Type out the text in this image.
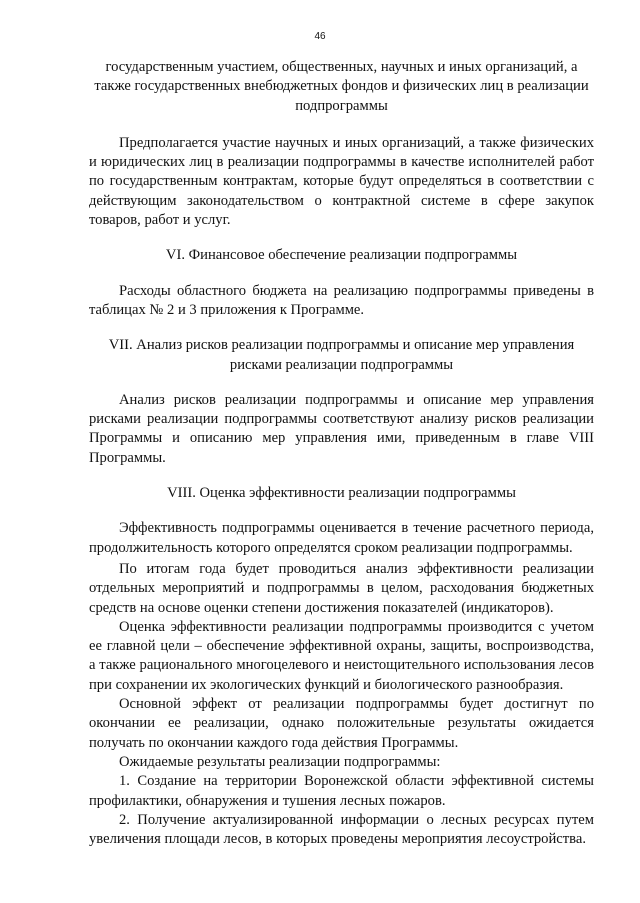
46

государственным участием, общественных, научных и иных организаций, а также государственных внебюджетных фондов и физических лиц в реализации подпрограммы

Предполагается участие научных и иных организаций, а также физических и юридических лиц в реализации подпрограммы в качестве исполнителей работ по государственным контрактам, которые будут определяться в соответствии с действующим законодательством о контрактной системе в сфере закупок товаров, работ и услуг.

VI. Финансовое обеспечение реализации подпрограммы

Расходы областного бюджета на реализацию подпрограммы приведены в таблицах № 2 и 3 приложения к Программе.

VII. Анализ рисков реализации подпрограммы и описание мер управления рисками реализации подпрограммы

Анализ рисков реализации подпрограммы и описание мер управления рисками реализации подпрограммы соответствуют анализу рисков реализации Программы и описанию мер управления ими, приведенным в главе VIII Программы.

VIII. Оценка эффективности реализации подпрограммы

Эффективность подпрограммы оценивается в течение расчетного периода, продолжительность которого определятся сроком реализации подпрограммы.

По итогам года будет проводиться анализ эффективности реализации отдельных мероприятий и подпрограммы в целом, расходования бюджетных средств на основе оценки степени достижения показателей (индикаторов).

Оценка эффективности реализации подпрограммы производится с учетом ее главной цели – обеспечение эффективной охраны, защиты, воспроизводства, а также рационального многоцелевого и неистощительного использования лесов при сохранении их экологических функций и биологического разнообразия.

Основной эффект от реализации подпрограммы будет достигнут по окончании ее реализации, однако положительные результаты ожидается получать по окончании каждого года действия Программы.

Ожидаемые результаты реализации подпрограммы:

1. Создание на территории Воронежской области эффективной системы профилактики, обнаружения и тушения лесных пожаров.

2. Получение актуализированной информации о лесных ресурсах путем увеличения площади лесов, в которых проведены мероприятия лесоустройства.
